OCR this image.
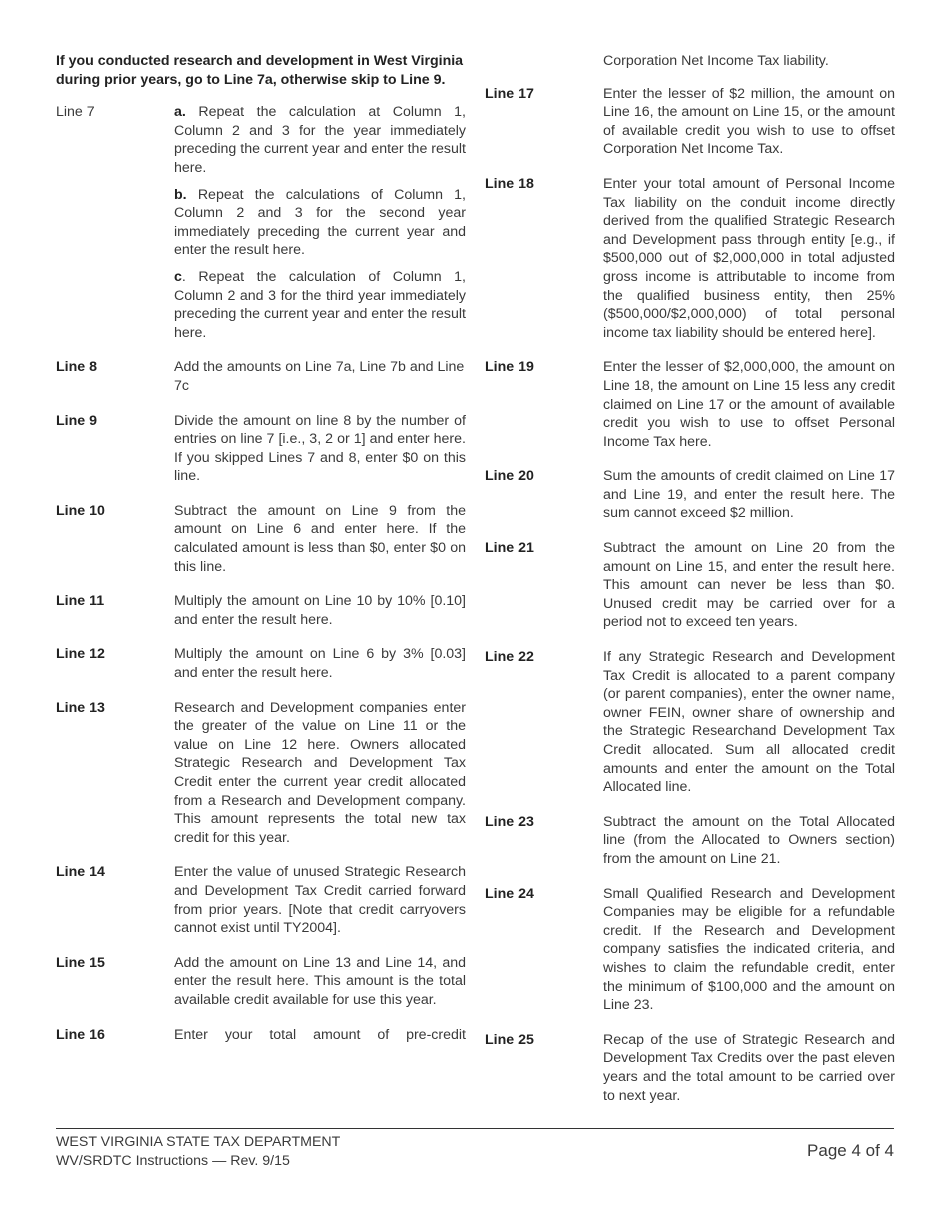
If you conducted research and development in West Virginia during prior years, go to Line 7a, otherwise skip to Line 9.

Line 7	a. Repeat the calculation at Column 1, Column 2 and 3 for the year immediately preceding the current year and enter the result here.

b. Repeat the calculations of Column 1, Column 2 and 3 for the second year immediately preceding the current year and enter the result here.

c. Repeat the calculation of Column 1, Column 2 and 3 for the third year immediately preceding the current year and enter the result here.

Line 8	Add the amounts on Line 7a, Line 7b and Line 7c
Line 9	Divide the amount on line 8 by the number of entries on line 7 [i.e., 3, 2 or 1] and enter here. If you skipped Lines 7 and 8, enter $0 on this line.
Line 10	Subtract the amount on Line 9 from the amount on Line 6 and enter here. If the calculated amount is less than $0, enter $0 on this line.
Line 11	Multiply the amount on Line 10 by 10% [0.10] and enter the result here.
Line 12	Multiply the amount on Line 6 by 3% [0.03] and enter the result here.
Line 13	Research and Development companies enter the greater of the value on Line 11 or the value on Line 12 here. Owners allocated Strategic Research and Development Tax Credit enter the current year credit allocated from a Research and Development company. This amount represents the total new tax credit for this year.
Line 14	Enter the value of unused Strategic Research and Development Tax Credit carried forward from prior years. [Note that credit carryovers cannot exist until TY2004].
Line 15	Add the amount on Line 13 and Line 14, and enter the result here. This amount is the total available credit available for use this year.
Line 16	Enter your total amount of pre-credit

Corporation Net Income Tax liability.

Line 17	Enter the lesser of $2 million, the amount on Line 16, the amount on Line 15, or the amount of available credit you wish to use to offset Corporation Net Income Tax.
Line 18	Enter your total amount of Personal Income Tax liability on the conduit income directly derived from the qualified Strategic Research and Development pass through entity [e.g., if $500,000 out of $2,000,000 in total adjusted gross income is attributable to income from the qualified business entity, then 25% ($500,000/$2,000,000) of total personal income tax liability should be entered here].
Line 19	Enter the lesser of $2,000,000, the amount on Line 18, the amount on Line 15 less any credit claimed on Line 17 or the amount of available credit you wish to use to offset Personal Income Tax here.
Line 20	Sum the amounts of credit claimed on Line 17 and Line 19, and enter the result here. The sum cannot exceed $2 million.
Line 21	Subtract the amount on Line 20 from the amount on Line 15, and enter the result here. This amount can never be less than $0. Unused credit may be carried over for a period not to exceed ten years.
Line 22	If any Strategic Research and Development Tax Credit is allocated to a parent company (or parent companies), enter the owner name, owner FEIN, owner share of ownership and the Strategic Researchand Development Tax Credit allocated. Sum all allocated credit amounts and enter the amount on the Total Allocated line.
Line 23	Subtract the amount on the Total Allocated line (from the Allocated to Owners section) from the amount on Line 21.
Line 24	Small Qualified Research and Development Companies may be eligible for a refundable credit. If the Research and Development company satisfies the indicated criteria, and wishes to claim the refundable credit, enter the minimum of $100,000 and the amount on Line 23.
Line 25	Recap of the use of Strategic Research and Development Tax Credits over the past eleven years and the total amount to be carried over to next year.
WEST VIRGINIA STATE TAX DEPARTMENT
WV/SRDTC Instructions — Rev. 9/15
Page 4 of 4
